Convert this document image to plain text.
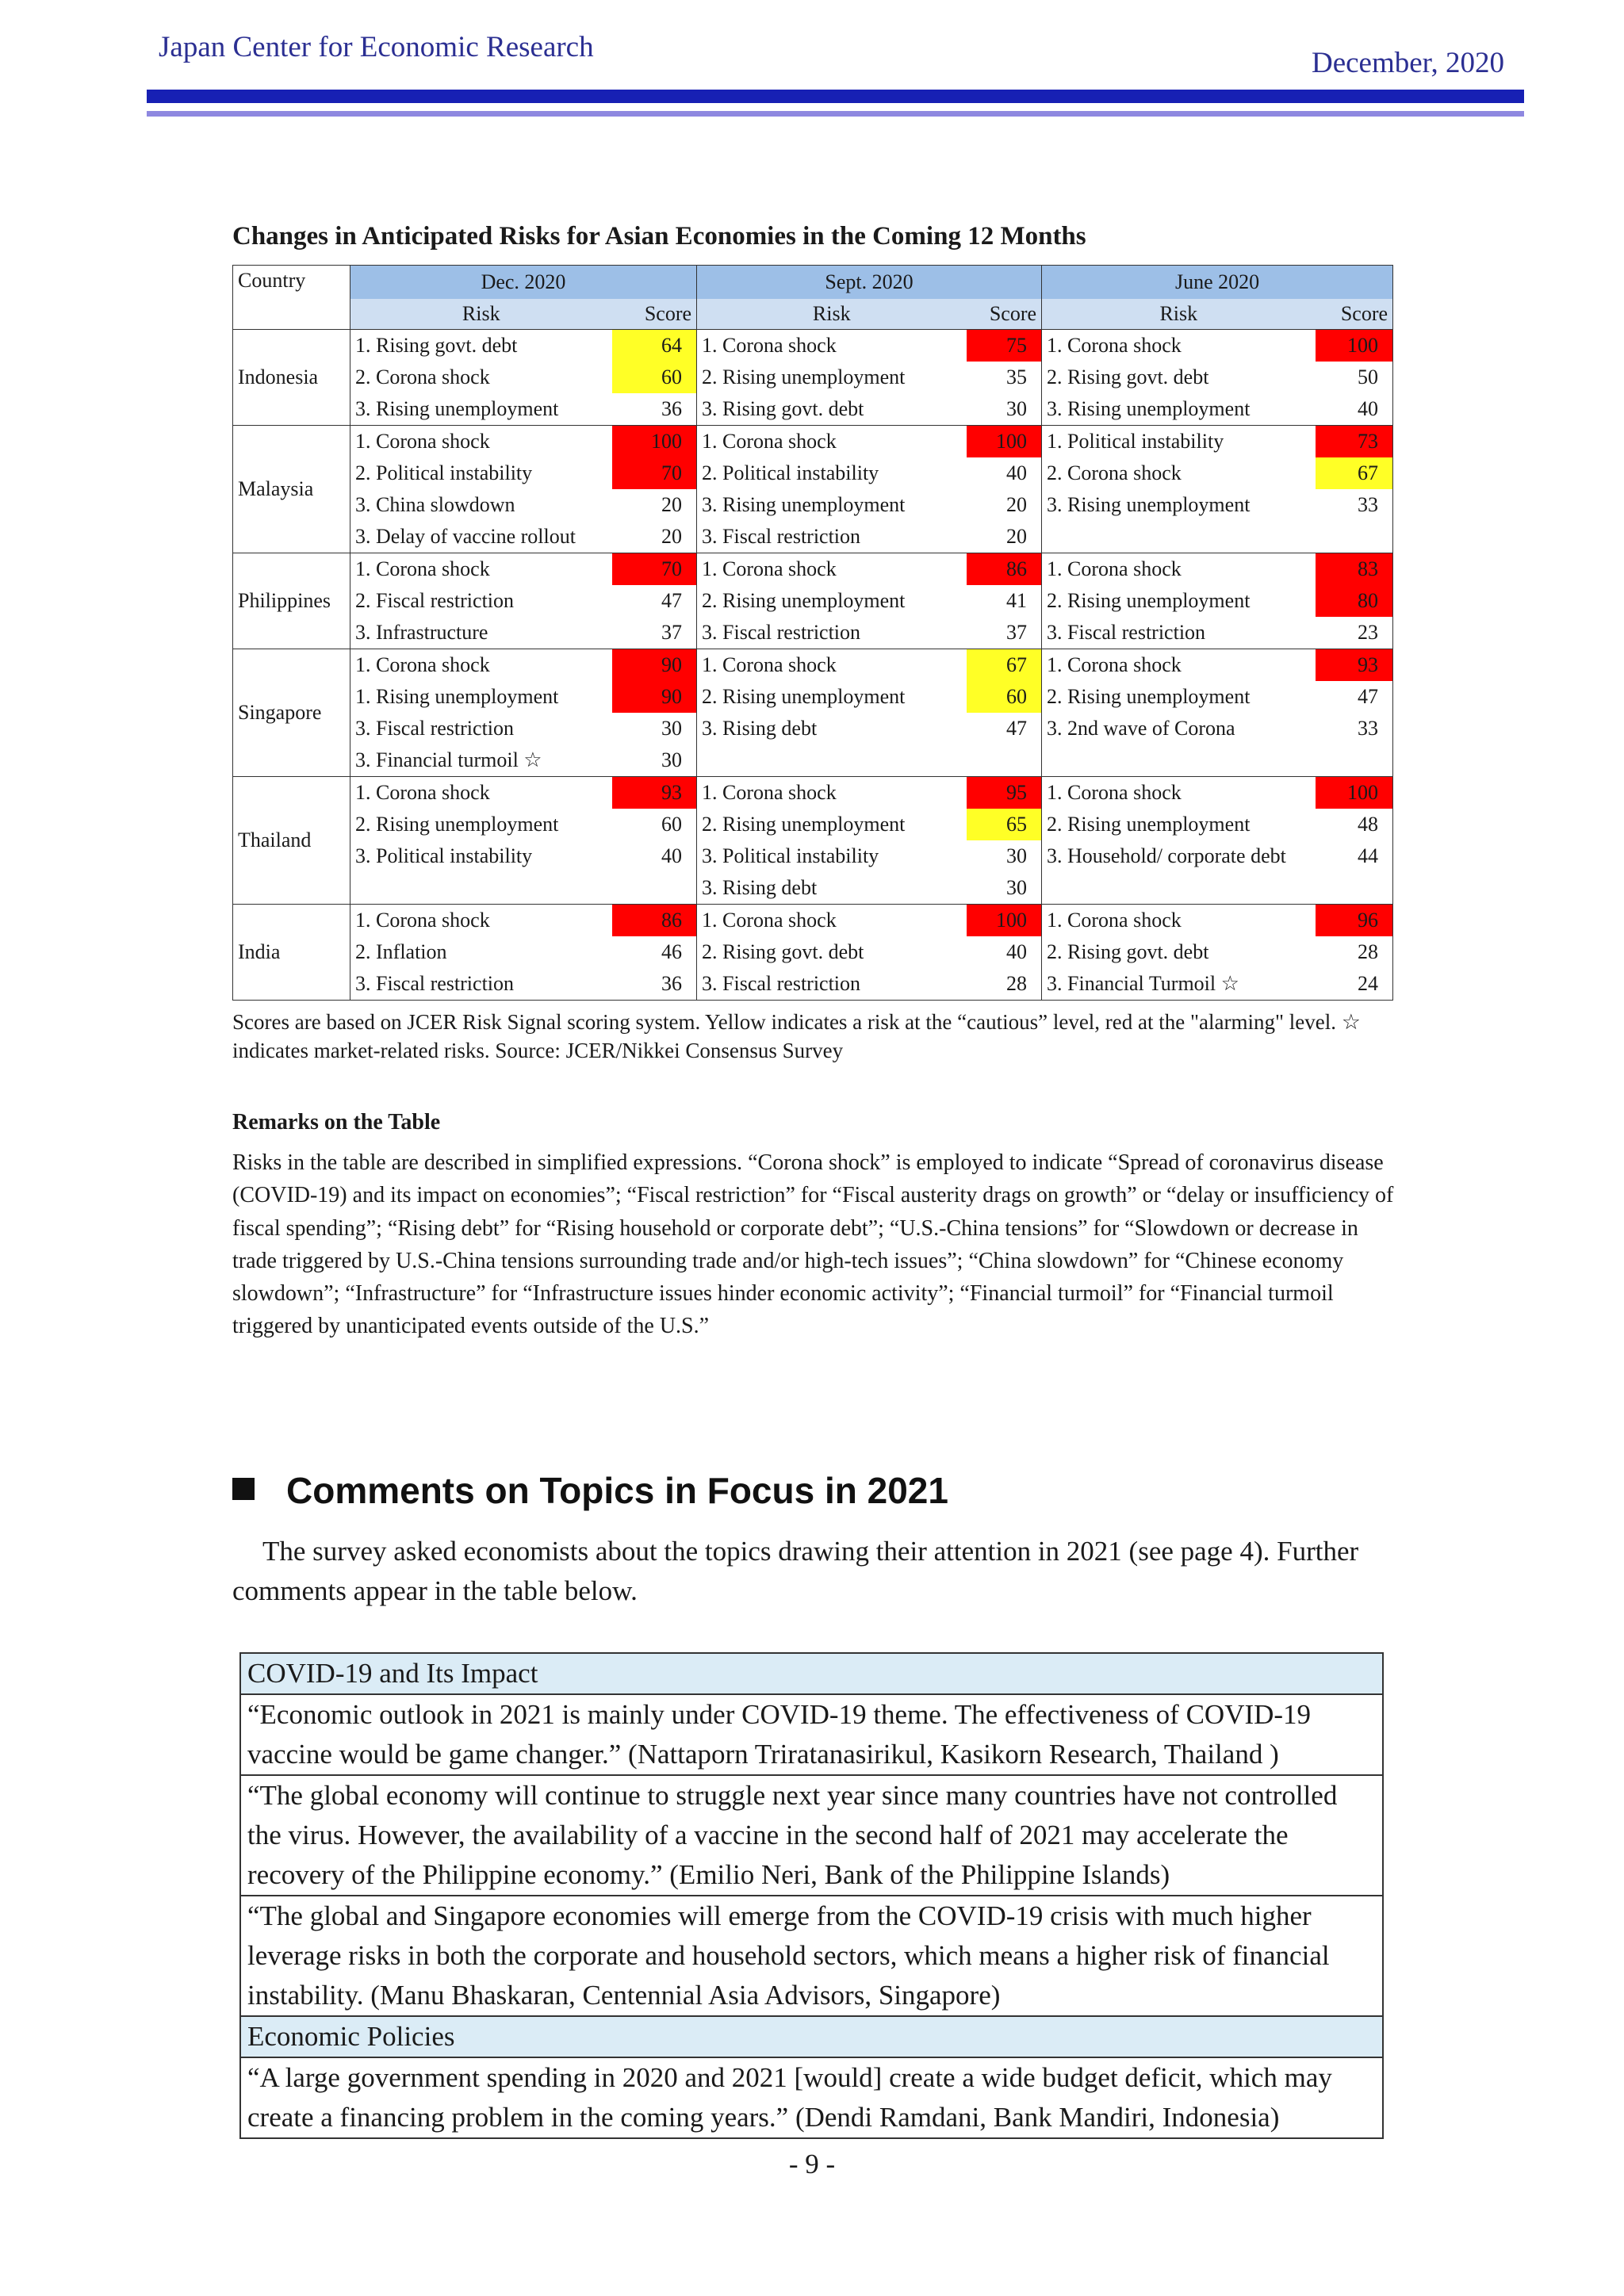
Japan Center for Economic Research	December, 2020
Changes in Anticipated Risks for Asian Economies in the Coming 12 Months
Country	Dec. 2020		Sept. 2020		June 2020	
	Risk	Score	Risk	Score	Risk	Score
Indonesia	1. Rising govt. debt	64	1. Corona shock	75	1. Corona shock	100
	2. Corona shock	60	2. Rising unemployment	35	2. Rising govt. debt	50
	3. Rising unemployment	36	3. Rising govt. debt	30	3. Rising unemployment	40
Malaysia	1. Corona shock	100	1. Corona shock	100	1. Political instability	73
	2. Political instability	70	2. Political instability	40	2. Corona shock	67
	3. China slowdown	20	3. Rising unemployment	20	3. Rising unemployment	33
	3. Delay of vaccine rollout	20	3. Fiscal restriction	20		
Philippines	1. Corona shock	70	1. Corona shock	86	1. Corona shock	83
	2. Fiscal restriction	47	2. Rising unemployment	41	2. Rising unemployment	80
	3. Infrastructure	37	3. Fiscal restriction	37	3. Fiscal restriction	23
Singapore	1. Corona shock	90	1. Corona shock	67	1. Corona shock	93
	1. Rising unemployment	90	2. Rising unemployment	60	2. Rising unemployment	47
	3. Fiscal restriction	30	3. Rising debt	47	3. 2nd wave of Corona	33
	3. Financial turmoil ☆	30				
Thailand	1. Corona shock	93	1. Corona shock	95	1. Corona shock	100
	2. Rising unemployment	60	2. Rising unemployment	65	2. Rising unemployment	48
	3. Political instability	40	3. Political instability	30	3. Household/ corporate debt	44
			3. Rising debt	30		
India	1. Corona shock	86	1. Corona shock	100	1. Corona shock	96
	2. Inflation	46	2. Rising govt. debt	40	2. Rising govt. debt	28
	3. Fiscal restriction	36	3. Fiscal restriction	28	3. Financial Turmoil ☆	24
Scores are based on JCER Risk Signal scoring system. Yellow indicates a risk at the “cautious” level, red at the "alarming" level. ☆ indicates market-related risks. Source: JCER/Nikkei Consensus Survey
Remarks on the Table
Risks in the table are described in simplified expressions. “Corona shock” is employed to indicate “Spread of coronavirus disease (COVID-19) and its impact on economies”; “Fiscal restriction” for “Fiscal austerity drags on growth” or “delay or insufficiency of fiscal spending”; “Rising debt” for “Rising household or corporate debt”; “U.S.-China tensions” for “Slowdown or decrease in trade triggered by U.S.-China tensions surrounding trade and/or high-tech issues”; “China slowdown” for “Chinese economy slowdown”; “Infrastructure” for “Infrastructure issues hinder economic activity”; “Financial turmoil” for “Financial turmoil triggered by unanticipated events outside of the U.S.”
Comments on Topics in Focus in 2021
The survey asked economists about the topics drawing their attention in 2021 (see page 4). Further comments appear in the table below.
COVID-19 and Its Impact
“Economic outlook in 2021 is mainly under COVID-19 theme. The effectiveness of COVID-19 vaccine would be game changer.” (Nattaporn Triratanasirikul, Kasikorn Research, Thailand )
“The global economy will continue to struggle next year since many countries have not controlled the virus. However, the availability of a vaccine in the second half of 2021 may accelerate the recovery of the Philippine economy.” (Emilio Neri, Bank of the Philippine Islands)
“The global and Singapore economies will emerge from the COVID-19 crisis with much higher leverage risks in both the corporate and household sectors, which means a higher risk of financial instability. (Manu Bhaskaran, Centennial Asia Advisors, Singapore)
Economic Policies
“A large government spending in 2020 and 2021 [would] create a wide budget deficit, which may create a financing problem in the coming years.” (Dendi Ramdani, Bank Mandiri, Indonesia)
- 9 -
